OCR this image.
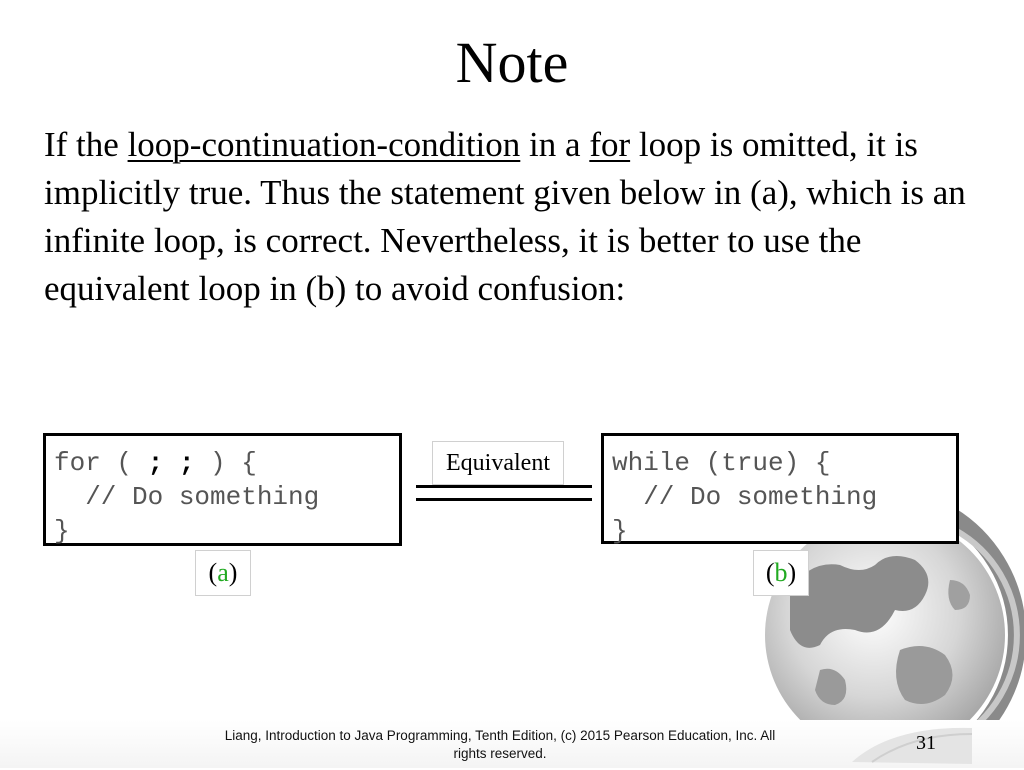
Note

If the loop-continuation-condition in a for loop is omitted, it is implicitly true. Thus the statement given below in (a), which is an infinite loop, is correct. Nevertheless, it is better to use the equivalent loop in (b) to avoid confusion:

for ( ; ; ) {
// Do something
}
Equivalent	while (true) {
// Do something
}
(a)	(b)
Liang, Introduction to Java Programming, Tenth Edition, (c) 2015 Pearson Education, Inc. All
rights reserved.	31
